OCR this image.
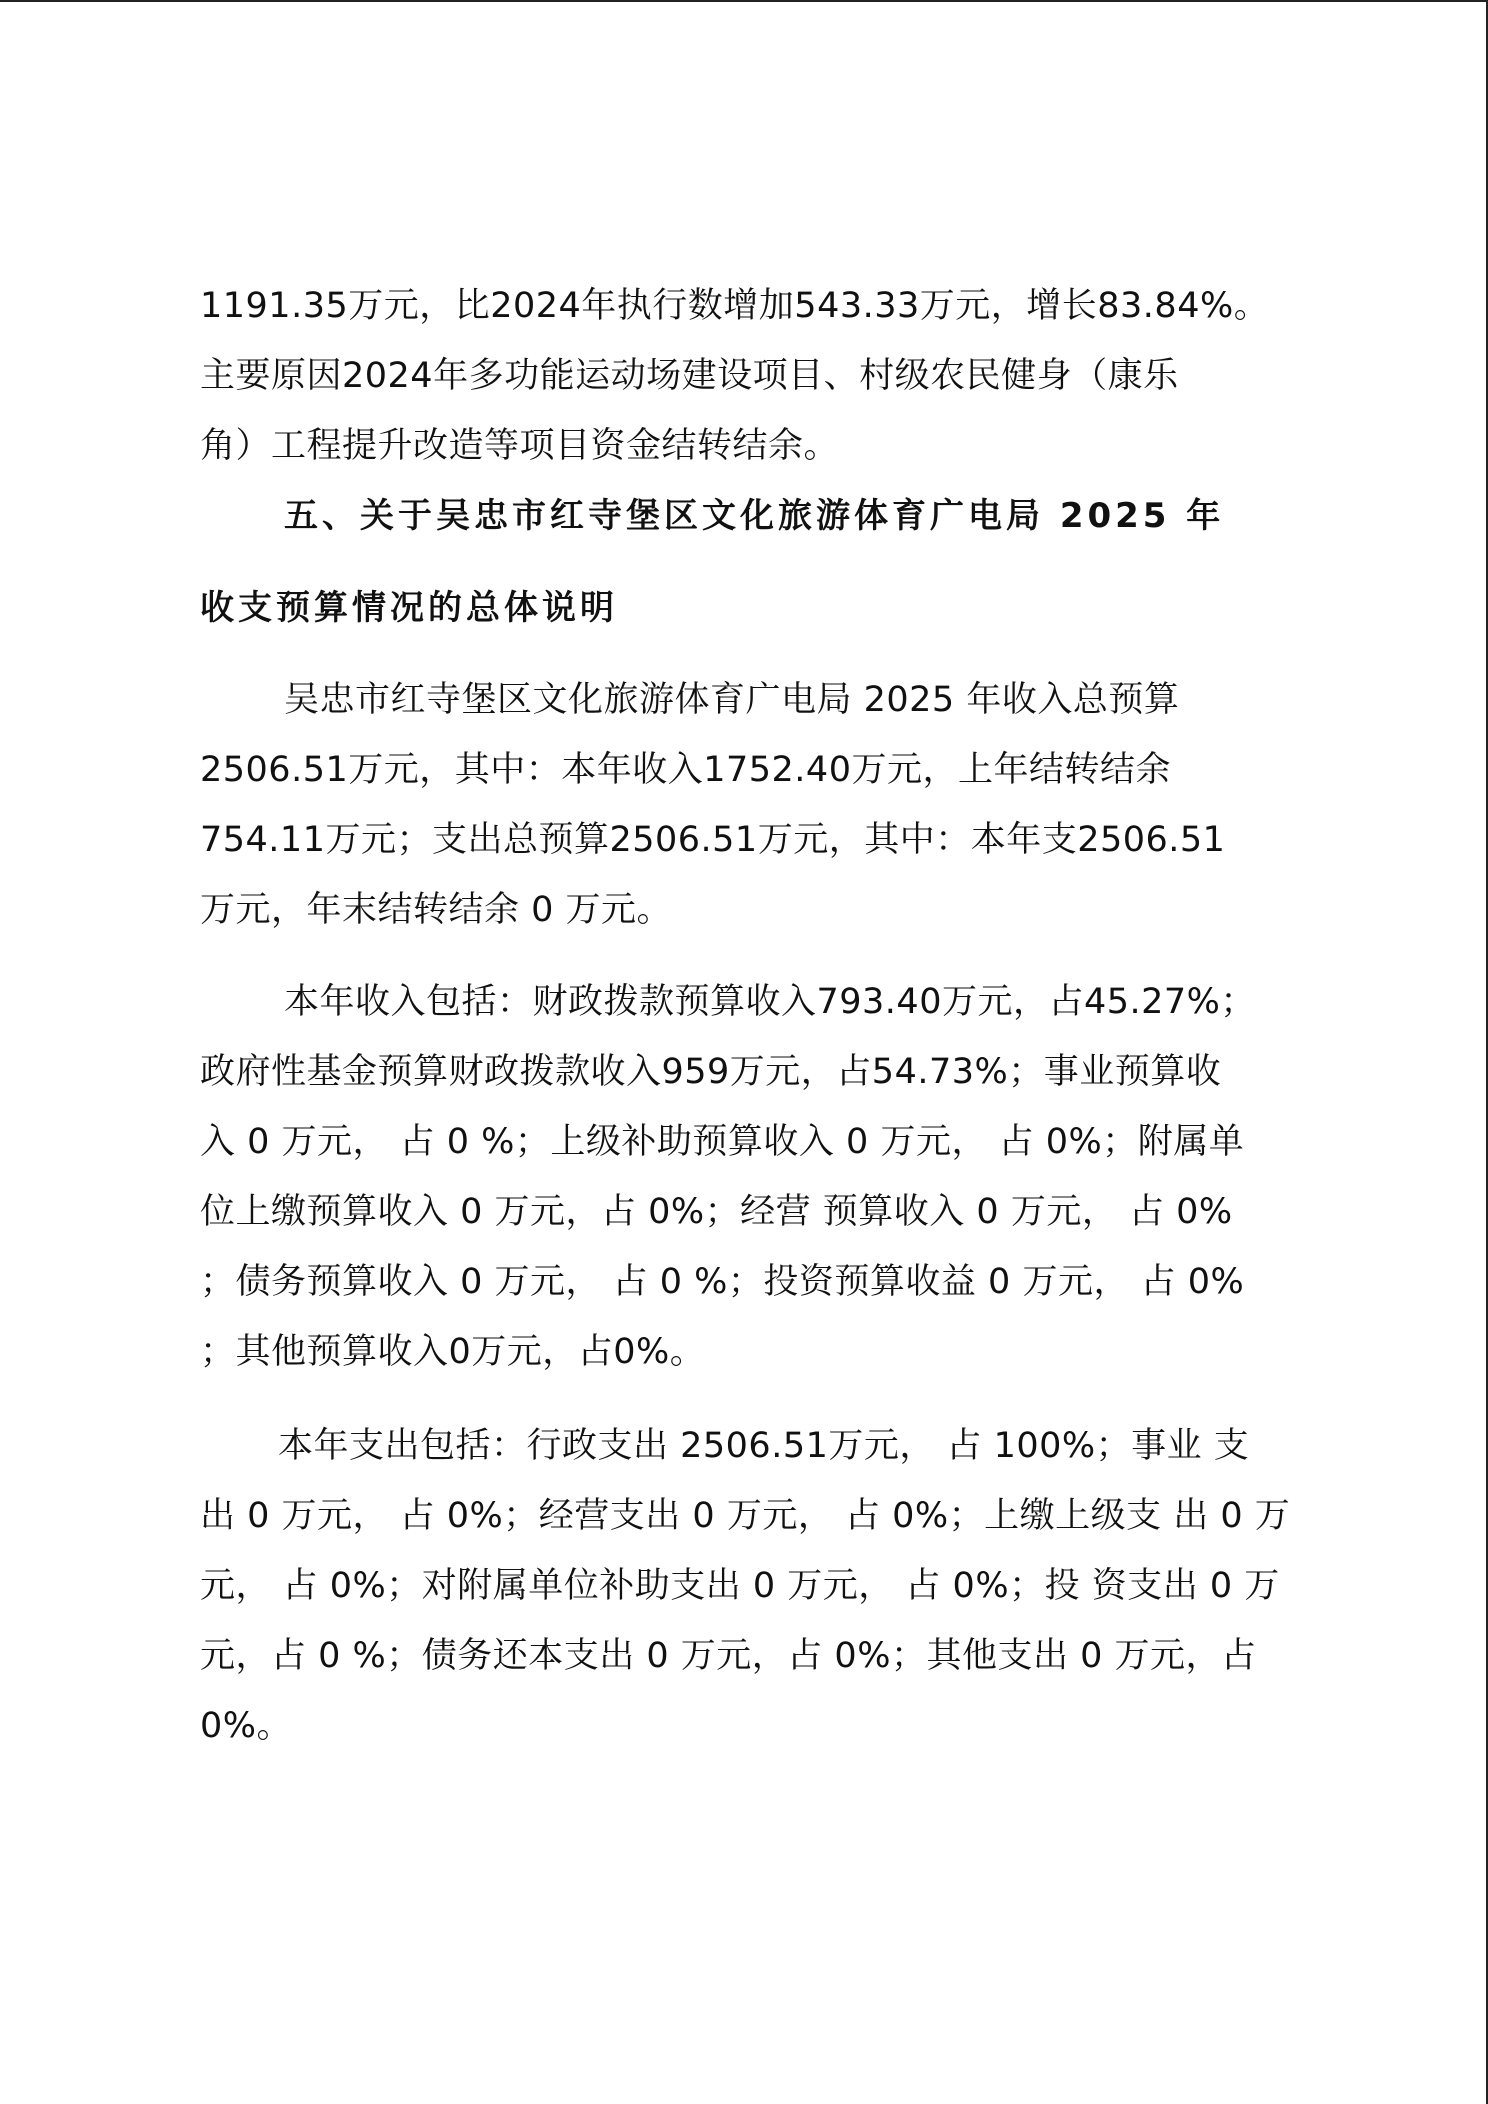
1191.35万元，比2024年执行数增加543.33万元，增长83.84%。
主要原因2024年多功能运动场建设项目、村级农民健身（康乐
角）工程提升改造等项目资金结转结余。
五、关于吴忠市红寺堡区文化旅游体育广电局 2025 年
收支预算情况的总体说明
吴忠市红寺堡区文化旅游体育广电局 2025 年收入总预算
2506.51万元，其中：本年收入1752.40万元，上年结转结余
754.11万元；支出总预算2506.51万元，其中：本年支2506.51
万元，年末结转结余 0 万元。
本年收入包括：财政拨款预算收入793.40万元，占45.27%；
政府性基金预算财政拨款收入959万元，占54.73%；事业预算收
入 0 万元， 占 0 %；上级补助预算收入 0 万元， 占 0%；附属单
位上缴预算收入 0 万元，占 0%；经营 预算收入 0 万元， 占 0%
；债务预算收入 0 万元， 占 0 %；投资预算收益 0 万元， 占 0%
；其他预算收入0万元，占0%。
本年支出包括：行政支出 2506.51万元， 占 100%；事业 支
出 0 万元， 占 0%；经营支出 0 万元， 占 0%；上缴上级支 出 0 万
元， 占 0%；对附属单位补助支出 0 万元， 占 0%；投 资支出 0 万
元，占 0 %；债务还本支出 0 万元，占 0%；其他支出 0 万元，占
0%。
